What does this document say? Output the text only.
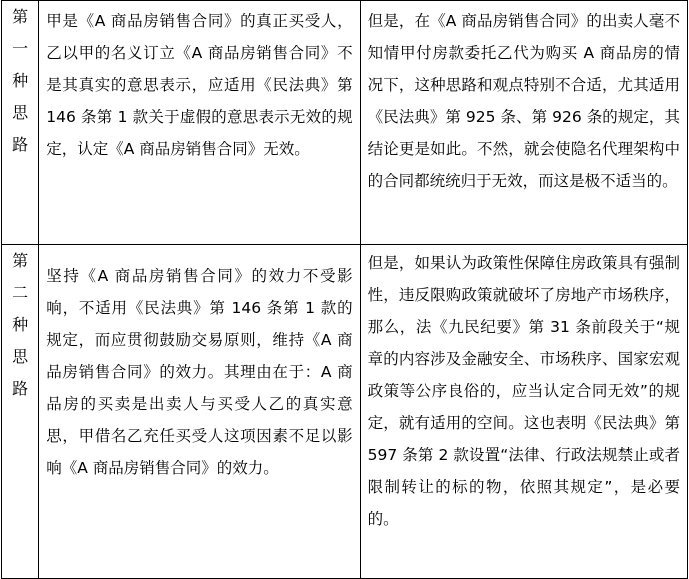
第
一
种
思
路	甲是《A 商品房销售合同》的真正买受人，乙以甲的名义订立《A 商品房销售合同》不是其真实的意思表示，应适用《民法典》第 146 条第 1 款关于虚假的意思表示无效的规定，认定《A 商品房销售合同》无效。	但是，在《A 商品房销售合同》的出卖人毫不知情甲付房款委托乙代为购买 A 商品房的情况下，这种思路和观点特别不合适，尤其适用《民法典》第 925 条、第 926 条的规定，其结论更是如此。不然，就会使隐名代理架构中的合同都统统归于无效，而这是极不适当的。

第
二
种
思
路	坚持《A 商品房销售合同》的效力不受影响，不适用《民法典》第 146 条第 1 款的规定，而应贯彻鼓励交易原则，维持《A 商品房销售合同》的效力。其理由在于：A 商品房的买卖是出卖人与买受人乙的真实意思，甲借名乙充任买受人这项因素不足以影响《A 商品房销售合同》的效力。	但是，如果认为政策性保障住房政策具有强制性，违反限购政策就破坏了房地产市场秩序，那么，法《九民纪要》第 31 条前段关于“规章的内容涉及金融安全、市场秩序、国家宏观政策等公序良俗的，应当认定合同无效”的规定，就有适用的空间。这也表明《民法典》第 597 条第 2 款设置“法律、行政法规禁止或者限制转让的标的物，依照其规定”，是必要的。
